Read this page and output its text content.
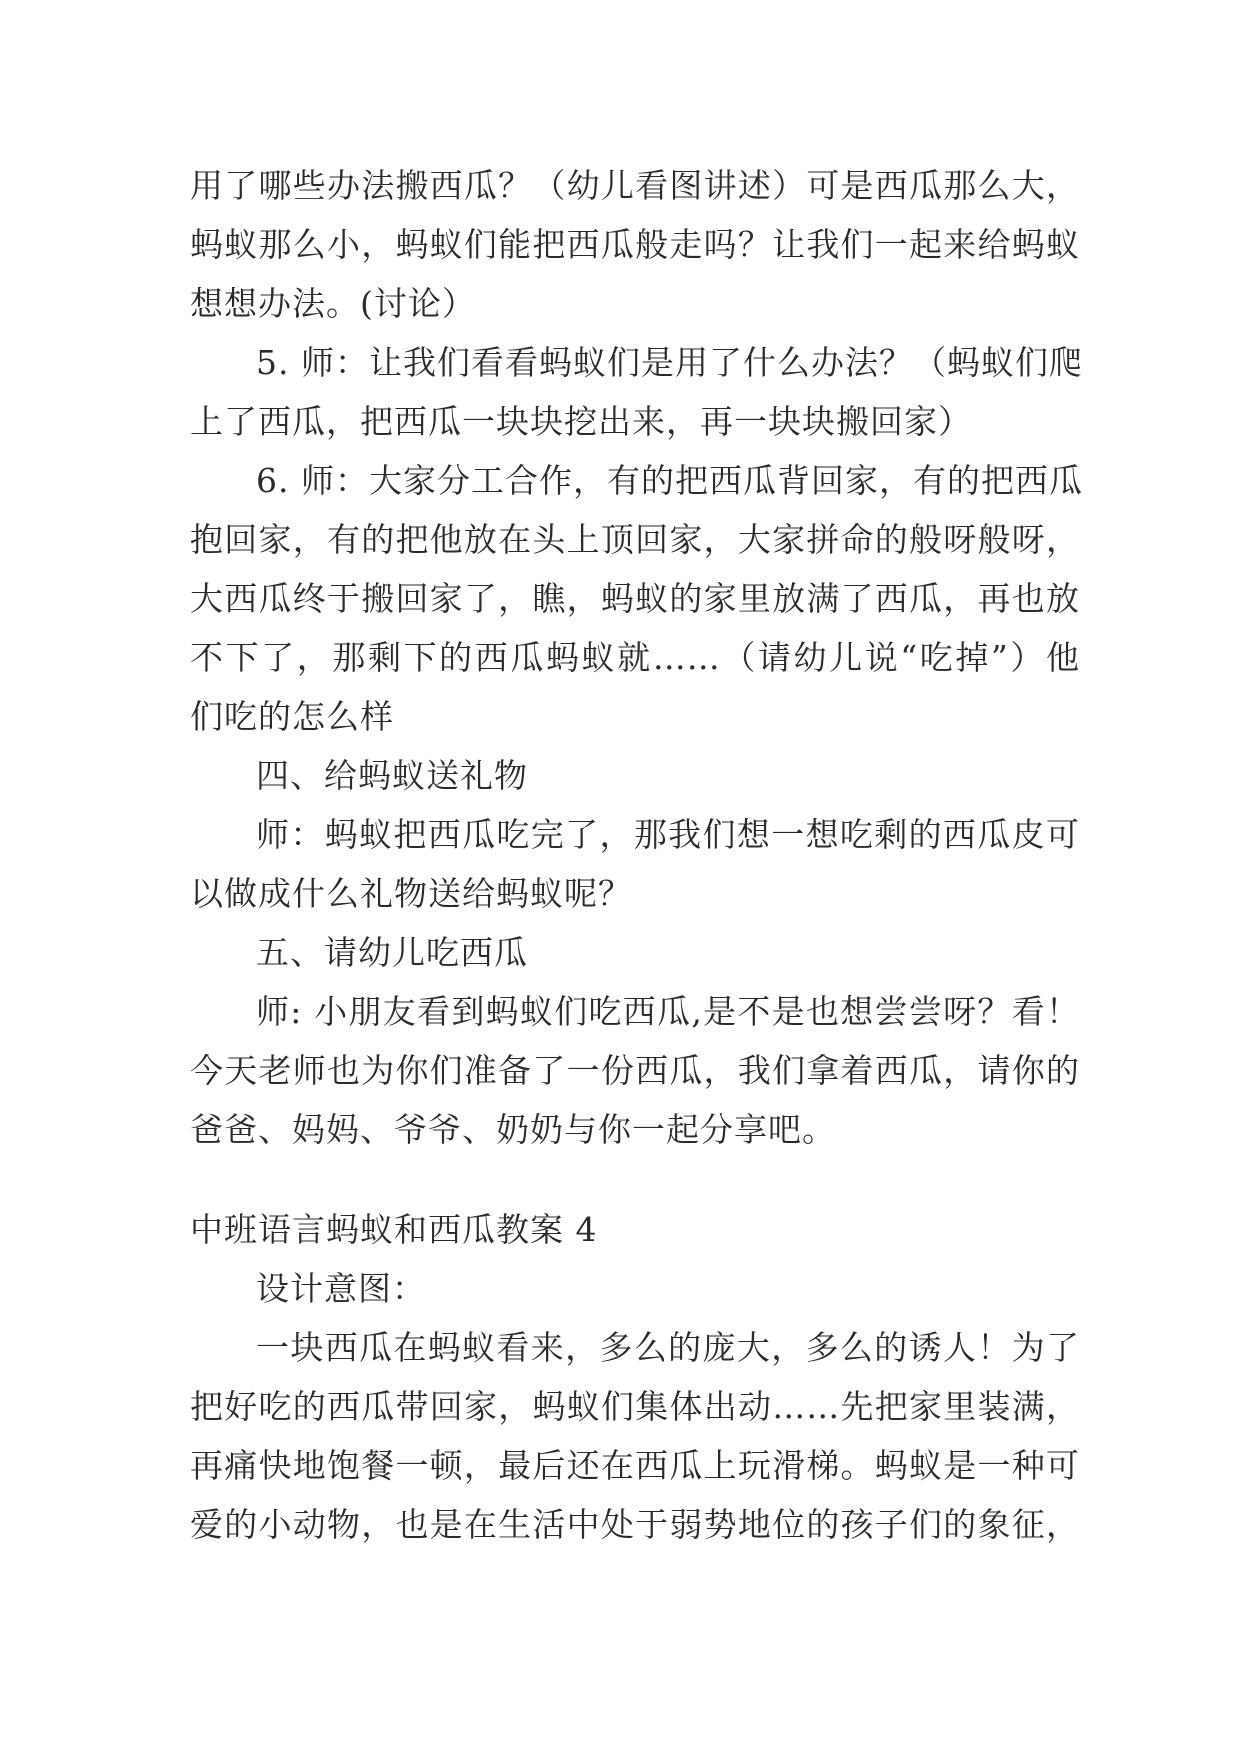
用了哪些办法搬西瓜？（幼儿看图讲述）可是西瓜那么大，
蚂蚁那么小，蚂蚁们能把西瓜般走吗？让我们一起来给蚂蚁
想想办法。(讨论）
5. 师：让我们看看蚂蚁们是用了什么办法？（蚂蚁们爬
上了西瓜，把西瓜一块块挖出来，再一块块搬回家）
6. 师：大家分工合作，有的把西瓜背回家，有的把西瓜
抱回家，有的把他放在头上顶回家，大家拼命的般呀般呀，
大西瓜终于搬回家了，瞧，蚂蚁的家里放满了西瓜，再也放
不下了，那剩下的西瓜蚂蚁就……（请幼儿说“吃掉”）他
们吃的怎么样
四、给蚂蚁送礼物
师：蚂蚁把西瓜吃完了，那我们想一想吃剩的西瓜皮可
以做成什么礼物送给蚂蚁呢？
五、请幼儿吃西瓜
师: 小朋友看到蚂蚁们吃西瓜,是不是也想尝尝呀？看！
今天老师也为你们准备了一份西瓜，我们拿着西瓜，请你的
爸爸、妈妈、爷爷、奶奶与你一起分享吧。
中班语言蚂蚁和西瓜教案 4
设计意图：
一块西瓜在蚂蚁看来，多么的庞大，多么的诱人！为了
把好吃的西瓜带回家，蚂蚁们集体出动……先把家里装满，
再痛快地饱餐一顿，最后还在西瓜上玩滑梯。蚂蚁是一种可
爱的小动物，也是在生活中处于弱势地位的孩子们的象征，
